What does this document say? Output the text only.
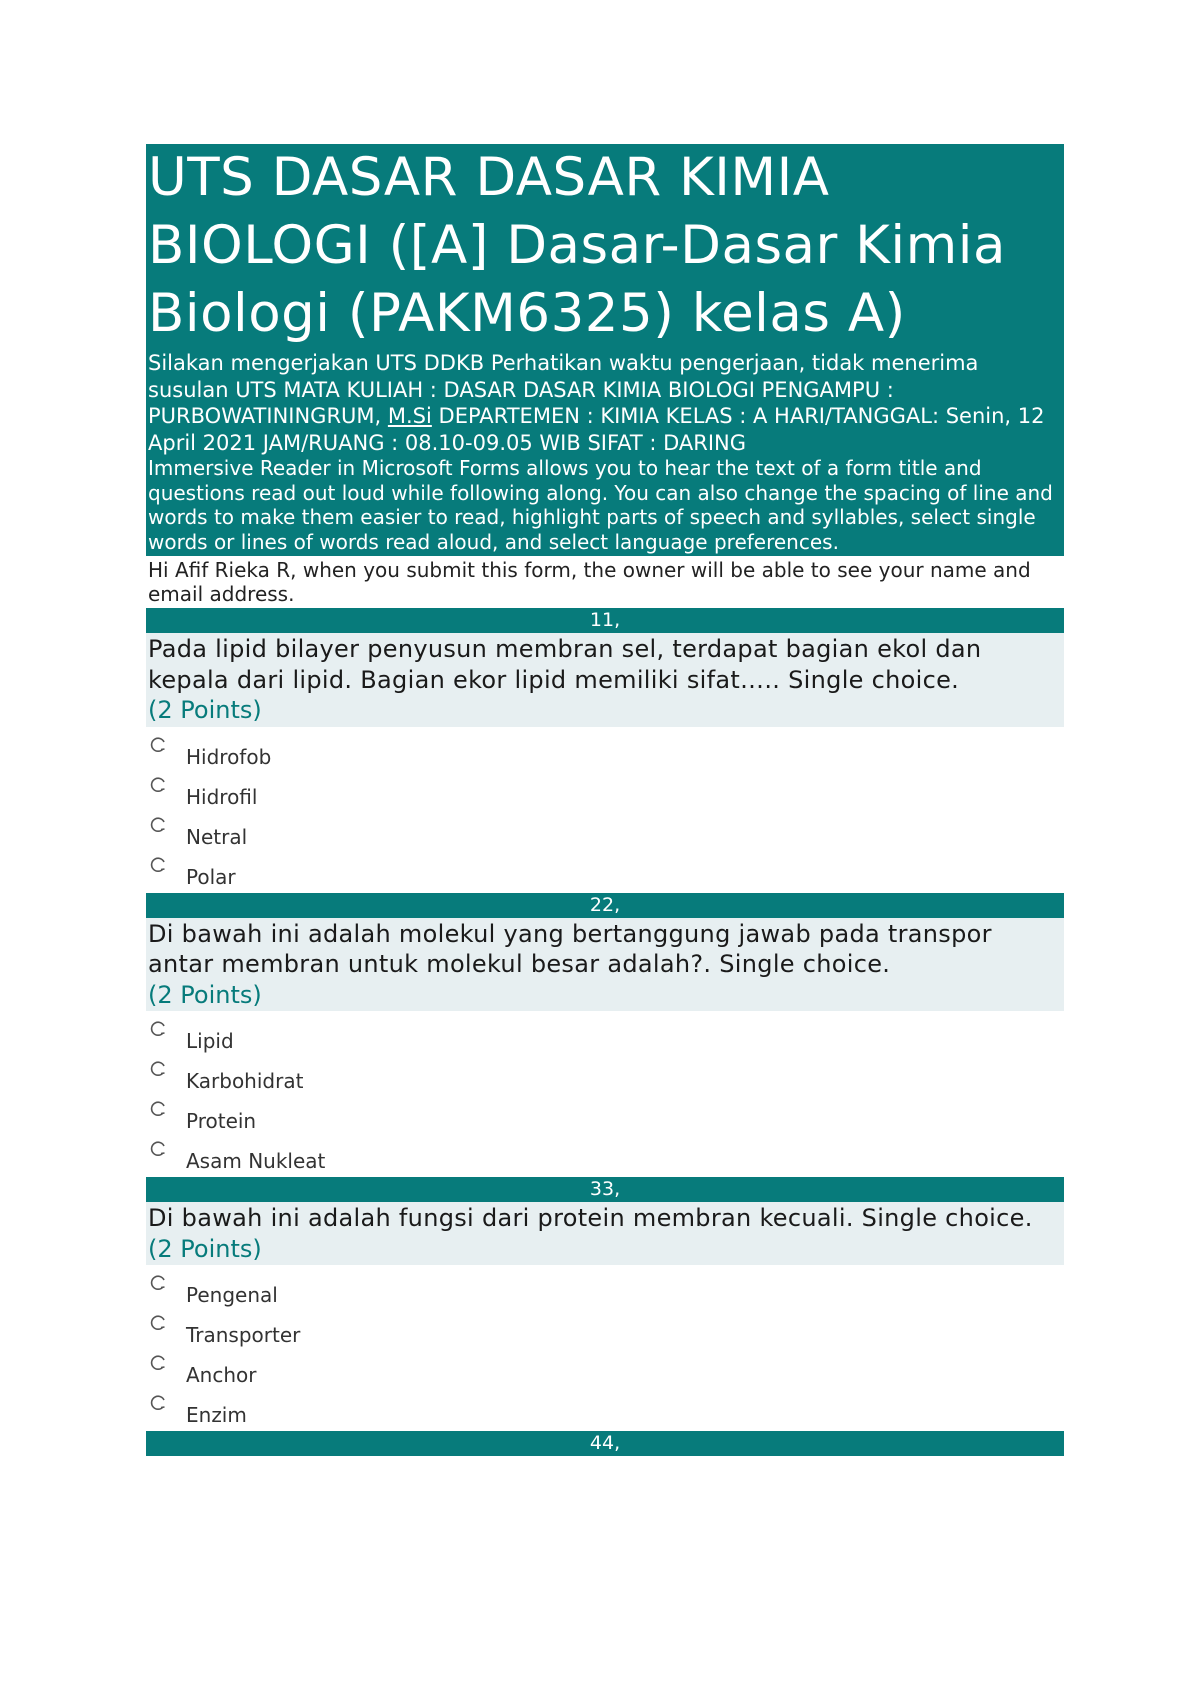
UTS DASAR DASAR KIMIA BIOLOGI ([A] Dasar-Dasar Kimia Biologi (PAKM6325) kelas A)
Silakan mengerjakan UTS DDKB Perhatikan waktu pengerjaan, tidak menerima susulan UTS MATA KULIAH : DASAR DASAR KIMIA BIOLOGI PENGAMPU : PURBOWATININGRUM, M.Si DEPARTEMEN : KIMIA KELAS : A HARI/TANGGAL: Senin, 12 April 2021 JAM/RUANG : 08.10-09.05 WIB SIFAT : DARING
Immersive Reader in Microsoft Forms allows you to hear the text of a form title and questions read out loud while following along. You can also change the spacing of line and words to make them easier to read, highlight parts of speech and syllables, select single words or lines of words read aloud, and select language preferences.
Hi Afif Rieka R, when you submit this form, the owner will be able to see your name and email address.
11,
Pada lipid bilayer penyusun membran sel, terdapat bagian ekol dan kepala dari lipid. Bagian ekor lipid memiliki sifat….. Single choice.
(2 Points)
Hidrofob
Hidrofil
Netral
Polar
22,
Di bawah ini adalah molekul yang bertanggung jawab pada transpor antar membran untuk molekul besar adalah?. Single choice.
(2 Points)
Lipid
Karbohidrat
Protein
Asam Nukleat
33,
Di bawah ini adalah fungsi dari protein membran kecuali. Single choice.
(2 Points)
Pengenal
Transporter
Anchor
Enzim
44,
